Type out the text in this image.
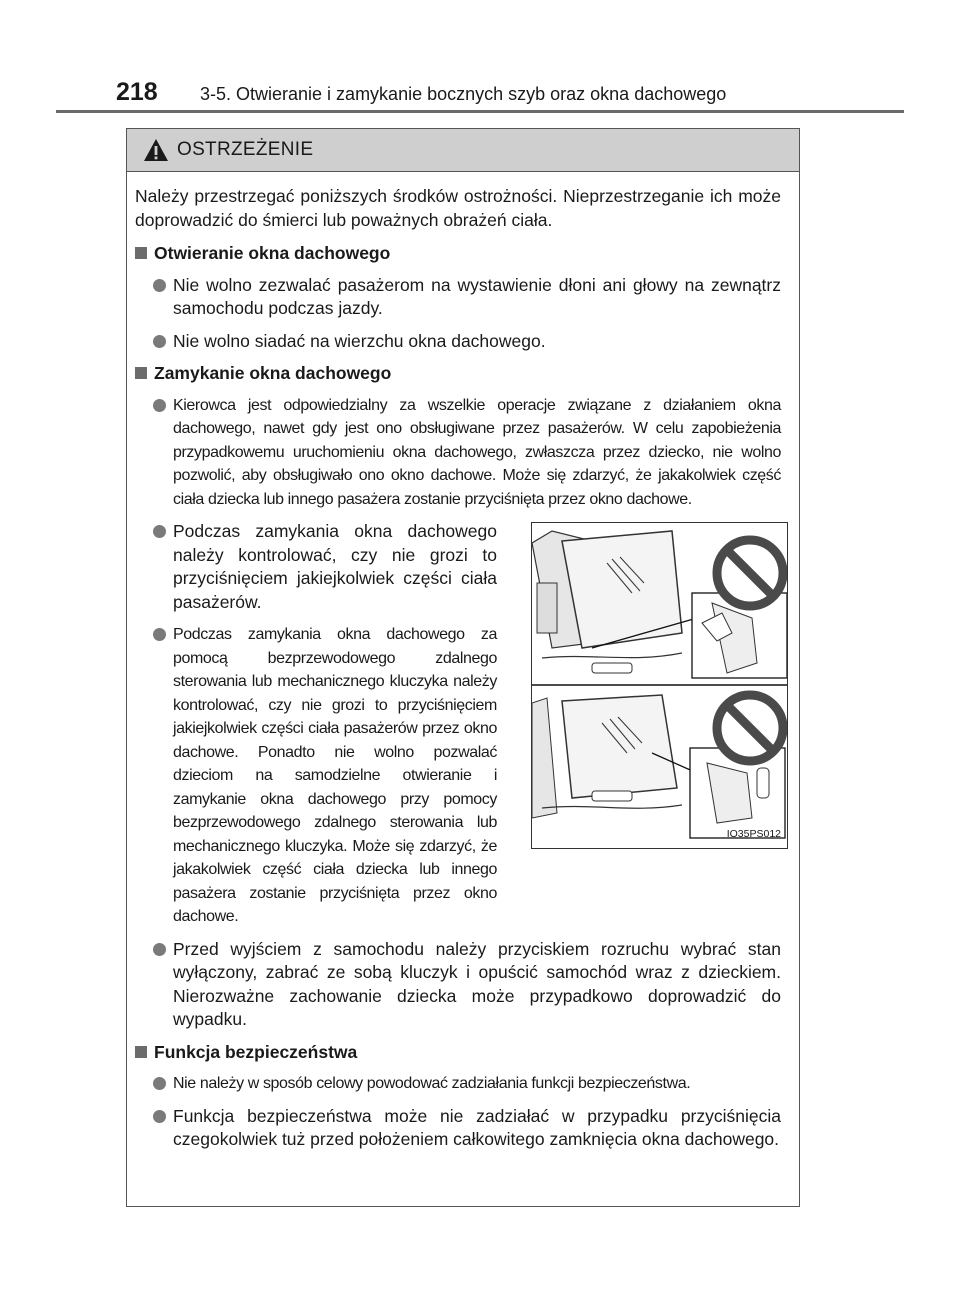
218 3-5. Otwieranie i zamykanie bocznych szyb oraz okna dachowego
OSTRZEŻENIE

Należy przestrzegać poniższych środków ostrożności. Nieprzestrzeganie ich może doprowadzić do śmierci lub poważnych obrażeń ciała.

Otwieranie okna dachowego
Nie wolno zezwalać pasażerom na wystawienie dłoni ani głowy na zewnątrz samochodu podczas jazdy.
Nie wolno siadać na wierzchu okna dachowego.
Zamykanie okna dachowego
Kierowca jest odpowiedzialny za wszelkie operacje związane z działaniem okna dachowego, nawet gdy jest ono obsługiwane przez pasażerów. W celu zapobieżenia przypadkowemu uruchomieniu okna dachowego, zwłaszcza przez dziecko, nie wolno pozwolić, aby obsługiwało ono okno dachowe. Może się zdarzyć, że jakakolwiek część ciała dziecka lub innego pasażera zostanie przyciśnięta przez okno dachowe.
Podczas zamykania okna dachowego należy kontrolować, czy nie grozi to przyciśnięciem jakiejkolwiek części ciała pasażerów.
Podczas zamykania okna dachowego za pomocą bezprzewodowego zdalnego sterowania lub mechanicznego kluczyka należy kontrolować, czy nie grozi to przyciśnięciem jakiejkolwiek części ciała pasażerów przez okno dachowe. Ponadto nie wolno pozwalać dzieciom na samodzielne otwieranie i zamykanie okna dachowego przy pomocy bezprzewodowego zdalnego sterowania lub mechanicznego kluczyka. Może się zdarzyć, że jakakolwiek część ciała dziecka lub innego pasażera zostanie przyciśnięta przez okno dachowe.
IO35PS012
Przed wyjściem z samochodu należy przyciskiem rozruchu wybrać stan wyłączony, zabrać ze sobą kluczyk i opuścić samochód wraz z dzieckiem. Nierozważne zachowanie dziecka może przypadkowo doprowadzić do wypadku.
Funkcja bezpieczeństwa
Nie należy w sposób celowy powodować zadziałania funkcji bezpieczeństwa.
Funkcja bezpieczeństwa może nie zadziałać w przypadku przyciśnięcia czegokolwiek tuż przed położeniem całkowitego zamknięcia okna dachowego.
